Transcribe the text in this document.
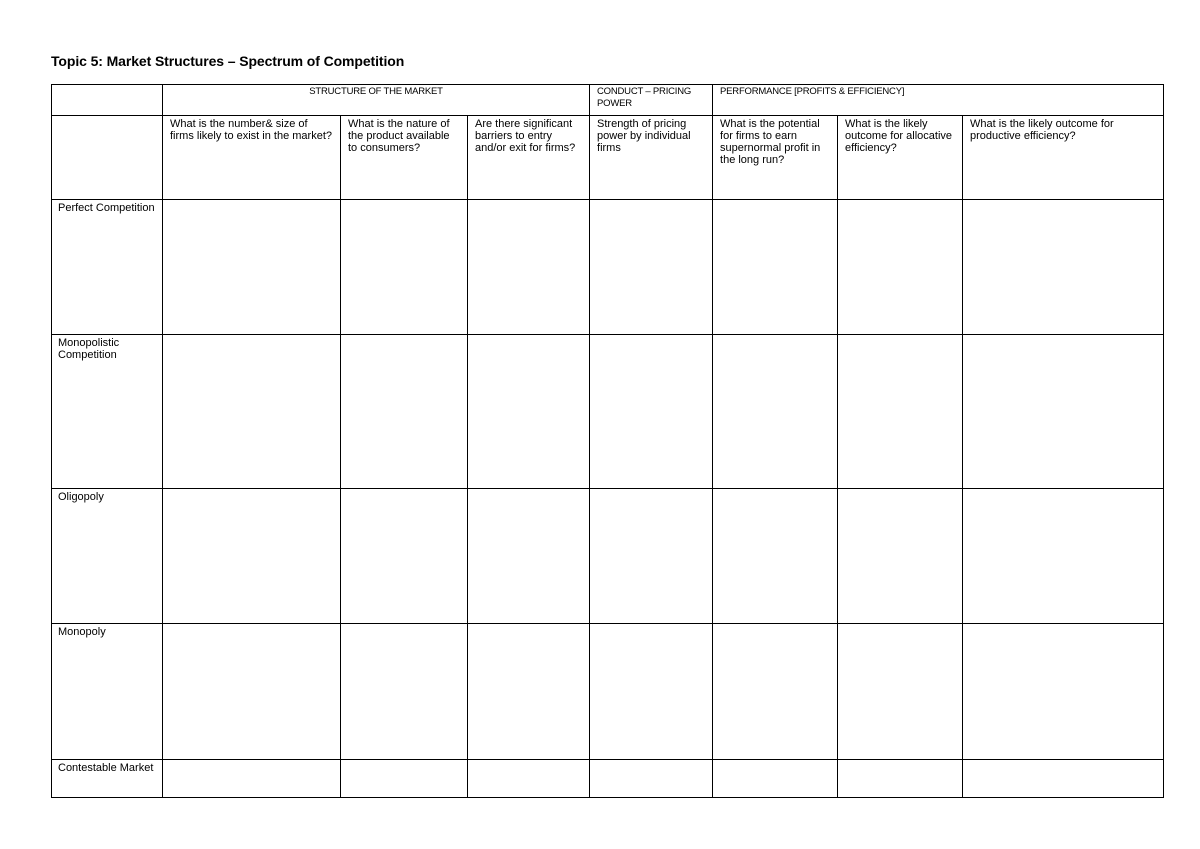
Topic 5: Market Structures – Spectrum of Competition
	STRUCTURE OF THE MARKET			CONDUCT – PRICING POWER	PERFORMANCE [PROFITS & EFFICIENCY]		
	What is the number& size of firms likely to exist in the market?	What is the nature of the product available to consumers?	Are there significant barriers to entry and/or exit for firms?	Strength of pricing power by individual firms	What is the potential for firms to earn supernormal profit in the long run?	What is the likely outcome for allocative efficiency?	What is the likely outcome for productive efficiency?
Perfect Competition							
Monopolistic Competition							
Oligopoly							
Monopoly							
Contestable Market							
